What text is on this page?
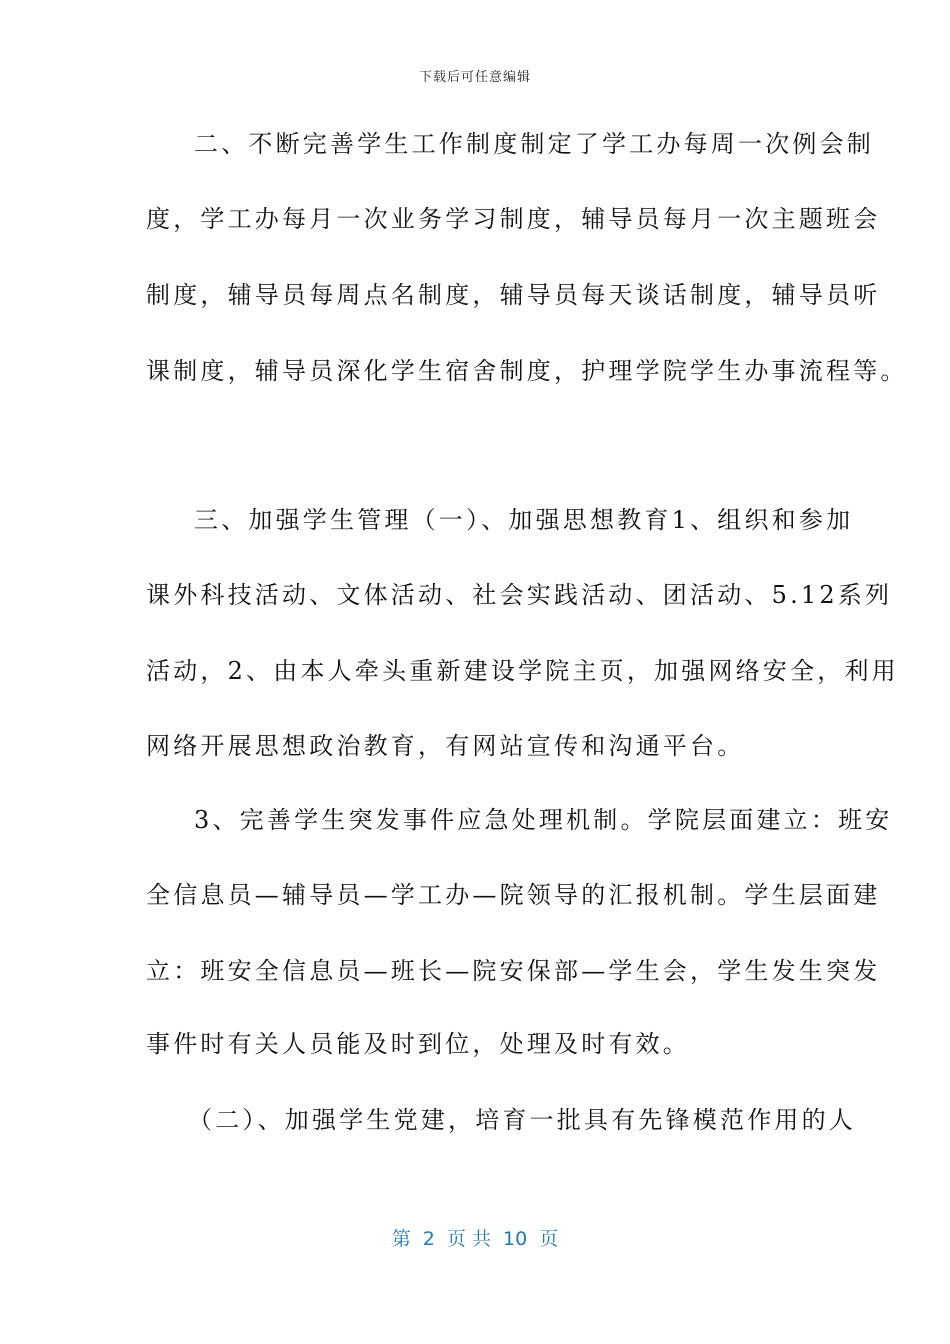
下载后可任意编辑
二、不断完善学生工作制度制定了学工办每周一次例会制
度，学工办每月一次业务学习制度，辅导员每月一次主题班会
制度，辅导员每周点名制度，辅导员每天谈话制度，辅导员听
课制度，辅导员深化学生宿舍制度，护理学院学生办事流程等。
三、加强学生管理（一）、加强思想教育1、组织和参加
课外科技活动、文体活动、社会实践活动、团活动、5.12系列
活动，2、由本人牵头重新建设学院主页，加强网络安全，利用
网络开展思想政治教育，有网站宣传和沟通平台。
3、完善学生突发事件应急处理机制。学院层面建立：班安
全信息员—辅导员—学工办—院领导的汇报机制。学生层面建
立：班安全信息员—班长—院安保部—学生会，学生发生突发
事件时有关人员能及时到位，处理及时有效。
（二）、加强学生党建，培育一批具有先锋模范作用的人
第  2  页 共  10  页
